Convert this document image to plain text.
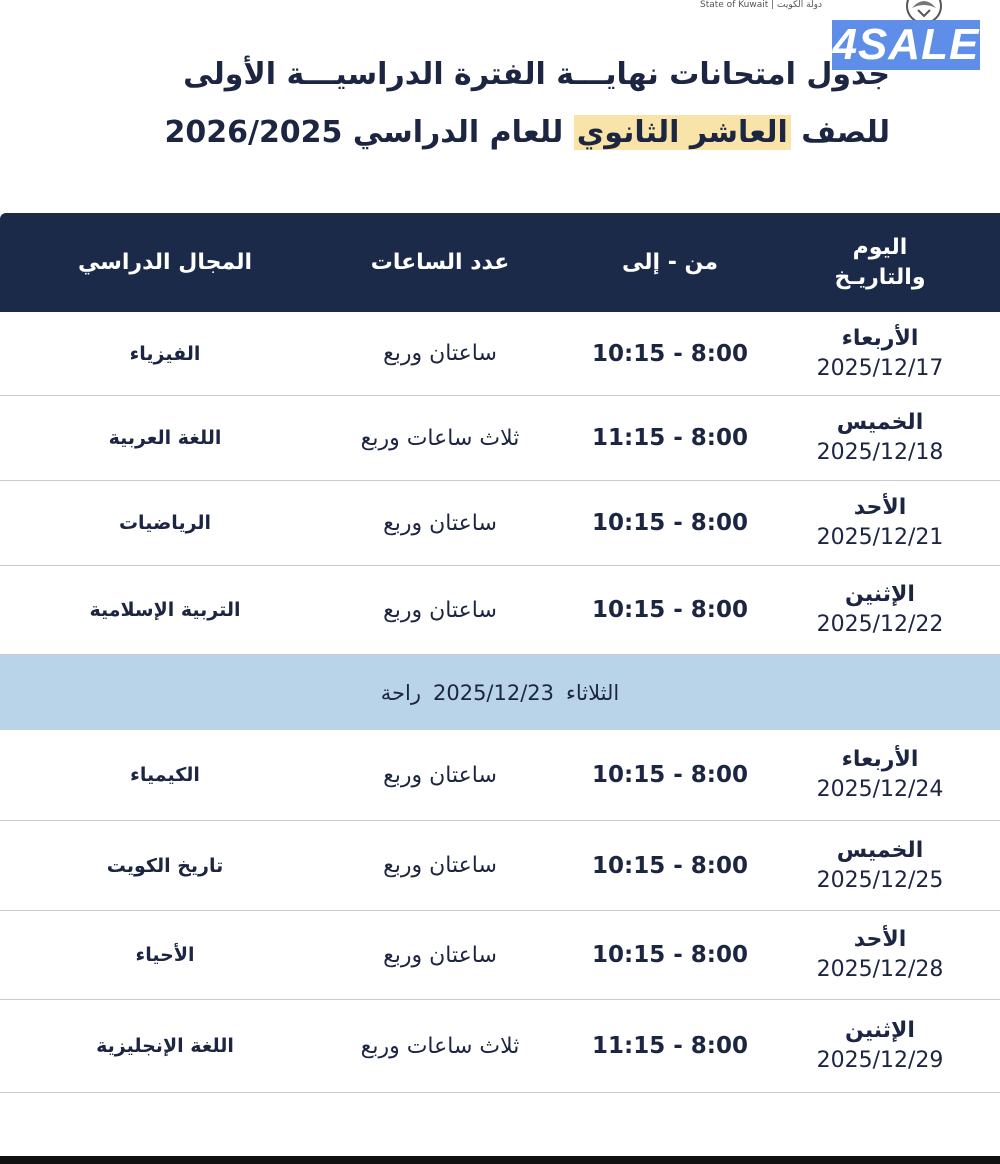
State of Kuwait | دولة الكويت
4SALE
جدول امتحانات نهايـــة الفترة الدراسيـــة الأولى
للصف العاشر الثانوي للعام الدراسي 2026/2025
اليوم والتاريـخ
من - إلى
عدد الساعات
المجال الدراسي
الأربعاء
2025/12/17
10:15 - 8:00
ساعتان وربع
الفيزياء
الخميس
2025/12/18
11:15 - 8:00
ثلاث ساعات وربع
اللغة العربية
الأحد
2025/12/21
10:15 - 8:00
ساعتان وربع
الرياضيات
الإثنين
2025/12/22
10:15 - 8:00
ساعتان وربع
التربية الإسلامية
الثلاثاء
2025/12/23
راحة
الأربعاء
2025/12/24
10:15 - 8:00
ساعتان وربع
الكيمياء
الخميس
2025/12/25
10:15 - 8:00
ساعتان وربع
تاريخ الكويت
الأحد
2025/12/28
10:15 - 8:00
ساعتان وربع
الأحياء
الإثنين
2025/12/29
11:15 - 8:00
ثلاث ساعات وربع
اللغة الإنجليزية
